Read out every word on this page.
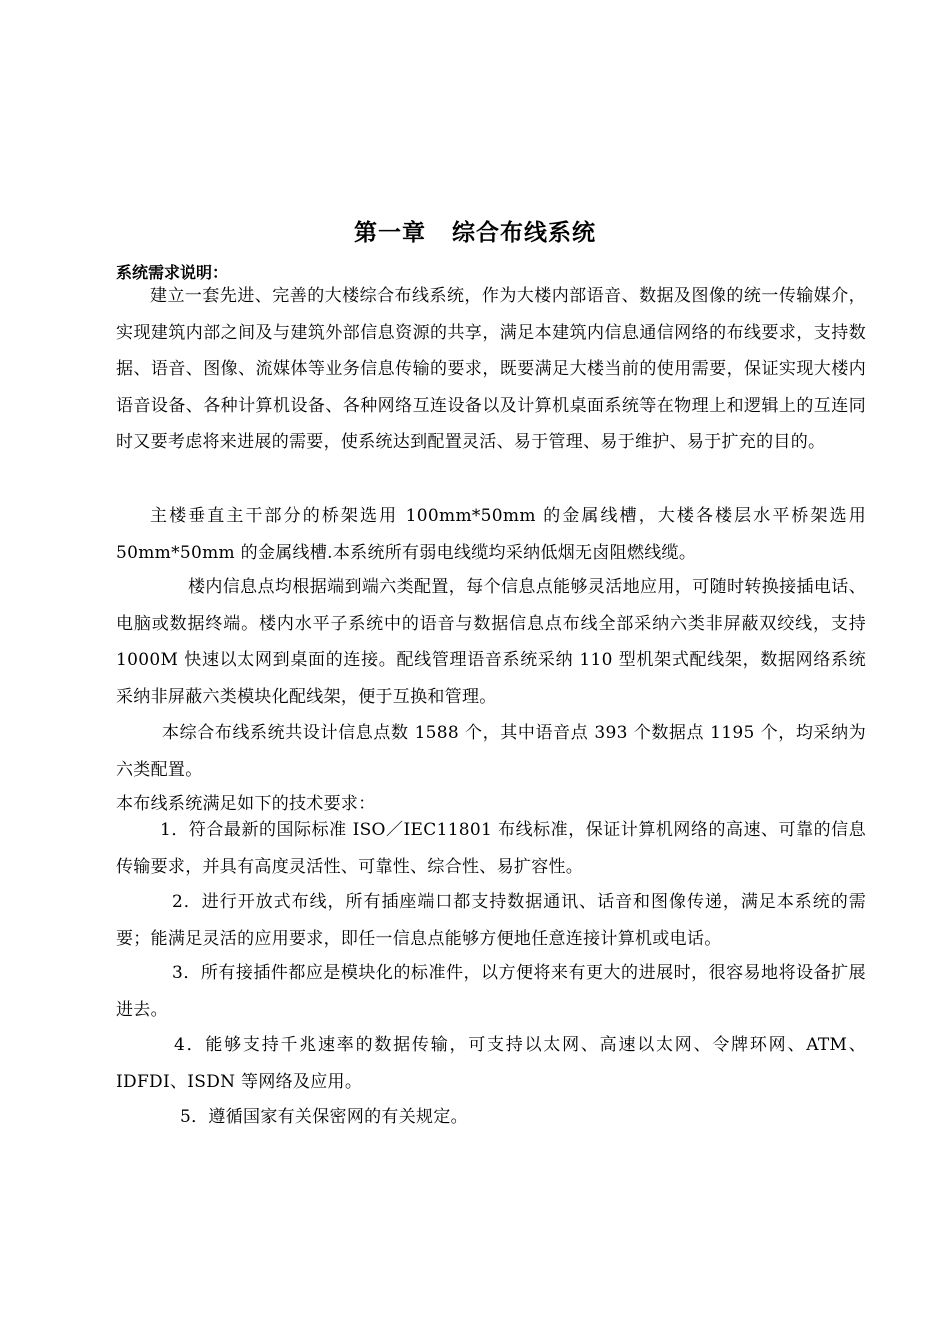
第一章 综合布线系统
系统需求说明：

建立一套先进、完善的大楼综合布线系统，作为大楼内部语音、数据及图像的统一传输媒介，实现建筑内部之间及与建筑外部信息资源的共享，满足本建筑内信息通信网络的布线要求，支持数据、语音、图像、流媒体等业务信息传输的要求，既要满足大楼当前的使用需要，保证实现大楼内语音设备、各种计算机设备、各种网络互连设备以及计算机桌面系统等在物理上和逻辑上的互连同时又要考虑将来进展的需要，使系统达到配置灵活、易于管理、易于维护、易于扩充的目的。

主楼垂直主干部分的桥架选用 100mm*50mm 的金属线槽，大楼各楼层水平桥架选用 50mm*50mm 的金属线槽.本系统所有弱电线缆均采纳低烟无卤阻燃线缆。

楼内信息点均根据端到端六类配置，每个信息点能够灵活地应用，可随时转换接插电话、电脑或数据终端。楼内水平子系统中的语音与数据信息点布线全部采纳六类非屏蔽双绞线，支持 1000M 快速以太网到桌面的连接。配线管理语音系统采纳 110 型机架式配线架，数据网络系统采纳非屏蔽六类模块化配线架，便于互换和管理。

本综合布线系统共设计信息点数 1588 个，其中语音点 393 个数据点 1195 个，均采纳为六类配置。

本布线系统满足如下的技术要求：

1．符合最新的国际标准 ISO／IEC11801 布线标准，保证计算机网络的高速、可靠的信息传输要求，并具有高度灵活性、可靠性、综合性、易扩容性。

2．进行开放式布线，所有插座端口都支持数据通讯、话音和图像传递，满足本系统的需要；能满足灵活的应用要求，即任一信息点能够方便地任意连接计算机或电话。

3．所有接插件都应是模块化的标准件，以方便将来有更大的进展时，很容易地将设备扩展进去。

4．能够支持千兆速率的数据传输，可支持以太网、高速以太网、令牌环网、ATM、IDFDI、ISDN 等网络及应用。

5．遵循国家有关保密网的有关规定。
